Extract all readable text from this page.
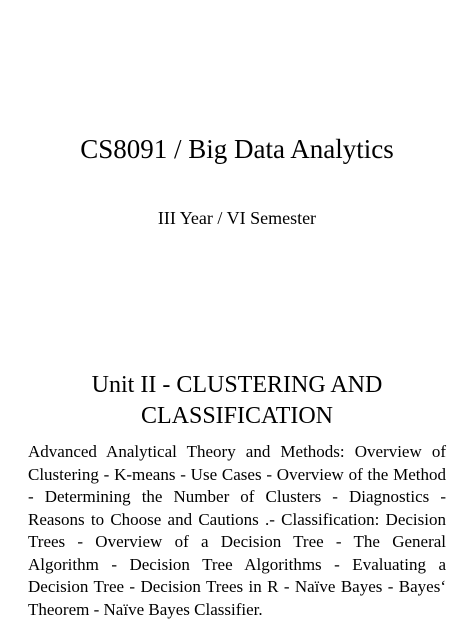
CS8091 / Big Data Analytics
III Year / VI Semester
Unit II - CLUSTERING AND CLASSIFICATION
Advanced Analytical Theory and Methods: Overview of Clustering - K-means - Use Cases - Overview of the Method - Determining the Number of Clusters - Diagnostics - Reasons to Choose and Cautions .- Classification: Decision Trees - Overview of a Decision Tree - The General Algorithm - Decision Tree Algorithms - Evaluating a Decision Tree - Decision Trees in R - Naïve Bayes - Bayes‘ Theorem - Naïve Bayes Classifier.
